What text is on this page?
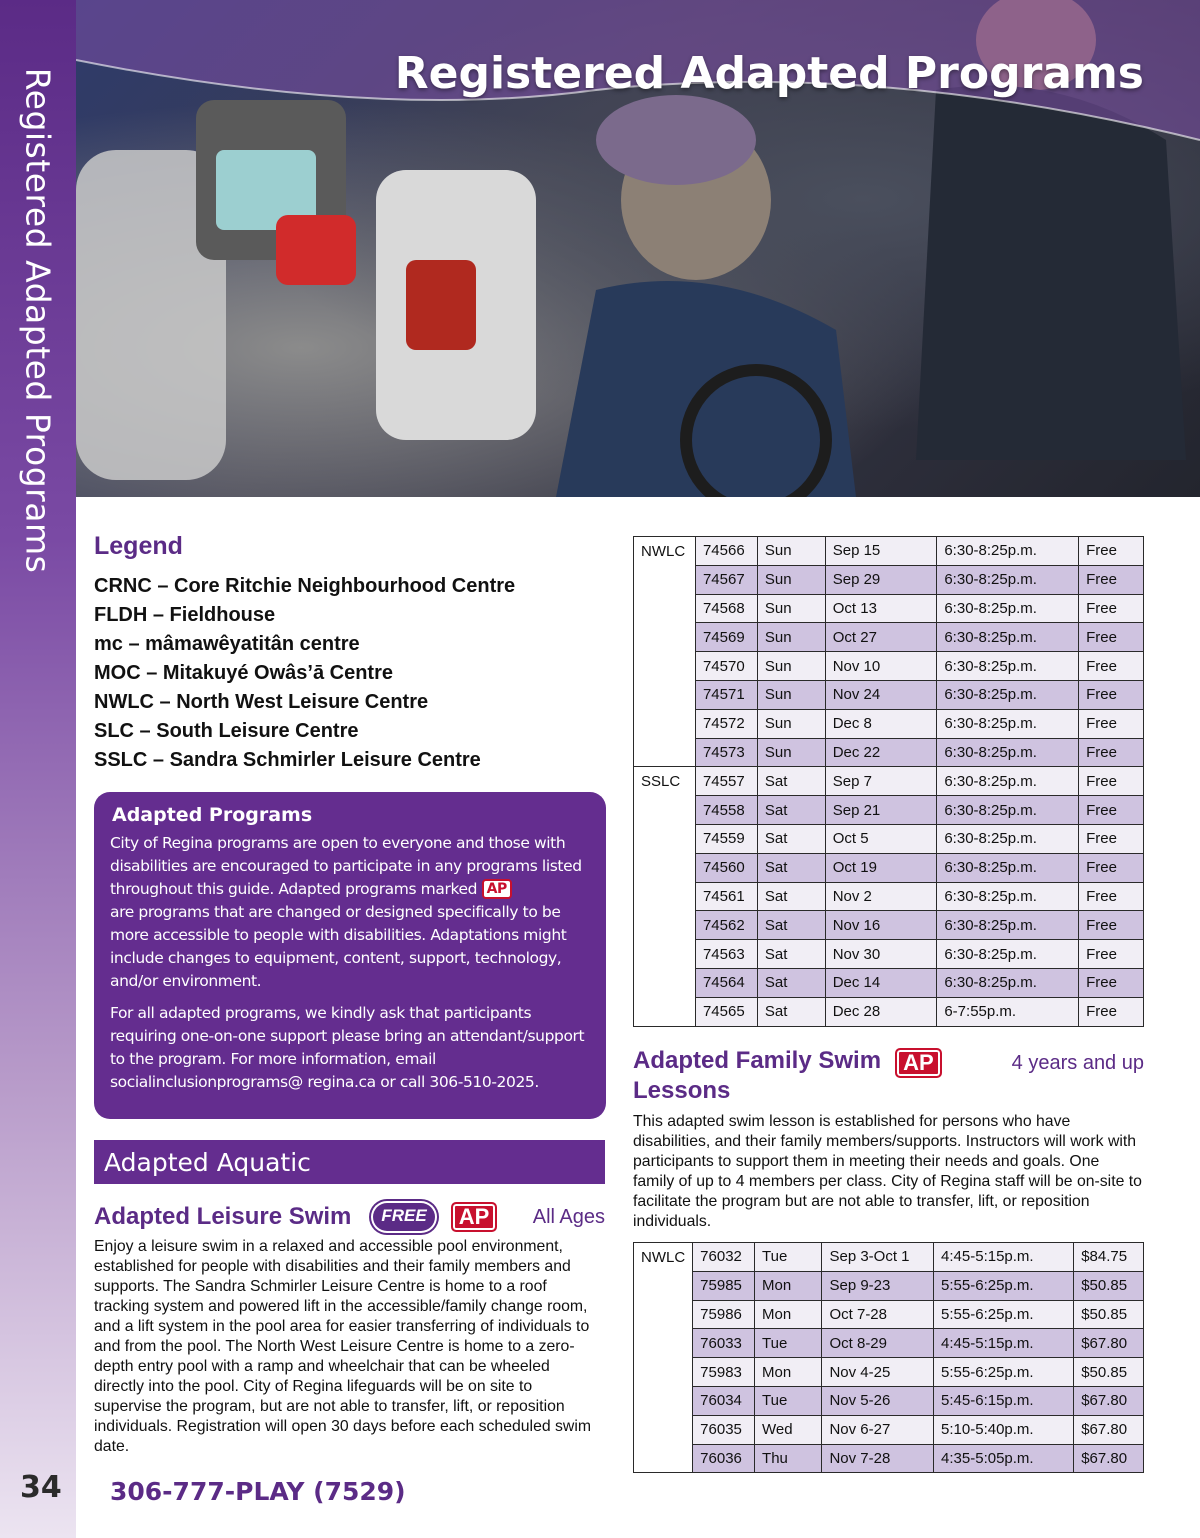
Registered Adapted Programs
34
Registered Adapted Programs
Legend
CRNC – Core Ritchie Neighbourhood Centre
FLDH – Fieldhouse
mc – mâmawêyatitân centre
MOC – Mitakuyé Owâs’ā Centre
NWLC – North West Leisure Centre
SLC – South Leisure Centre
SSLC – Sandra Schmirler Leisure Centre
Adapted Programs

City of Regina programs are open to everyone and those with disabilities are encouraged to participate in any programs listed throughout this guide. Adapted programs marked AP
are programs that are changed or designed specifically to be more accessible to people with disabilities. Adaptations might include changes to equipment, content, support, technology, and/or environment.

For all adapted programs, we kindly ask that participants requiring one-on-one support please bring an attendant/support to the program. For more information, email socialinclusionprograms@ regina.ca or call 306-510-2025.

Adapted Aquatic
Adapted Leisure Swim	FREE	AP	All Ages
Enjoy a leisure swim in a relaxed and accessible pool environment, established for people with disabilities and their family members and supports. The Sandra Schmirler Leisure Centre is home to a roof tracking system and powered lift in the accessible/family change room, and a lift system in the pool area for easier transferring of individuals to and from the pool. The North West Leisure Centre is home to a zero-depth entry pool with a ramp and wheelchair that can be wheeled directly into the pool. City of Regina lifeguards will be on site to supervise the program, but are not able to transfer, lift, or reposition individuals. Registration will open 30 days before each scheduled swim date.
NWLC	74566	Sun	Sep 15	6:30-8:25p.m.	Free
	74567	Sun	Sep 29	6:30-8:25p.m.	Free
	74568	Sun	Oct 13	6:30-8:25p.m.	Free
	74569	Sun	Oct 27	6:30-8:25p.m.	Free
	74570	Sun	Nov 10	6:30-8:25p.m.	Free
	74571	Sun	Nov 24	6:30-8:25p.m.	Free
	74572	Sun	Dec 8	6:30-8:25p.m.	Free
	74573	Sun	Dec 22	6:30-8:25p.m.	Free
SSLC	74557	Sat	Sep 7	6:30-8:25p.m.	Free
	74558	Sat	Sep 21	6:30-8:25p.m.	Free
	74559	Sat	Oct 5	6:30-8:25p.m.	Free
	74560	Sat	Oct 19	6:30-8:25p.m.	Free
	74561	Sat	Nov 2	6:30-8:25p.m.	Free
	74562	Sat	Nov 16	6:30-8:25p.m.	Free
	74563	Sat	Nov 30	6:30-8:25p.m.	Free
	74564	Sat	Dec 14	6:30-8:25p.m.	Free
	74565	Sat	Dec 28	6-7:55p.m.	Free
Adapted Family Swim
Lessons
AP	4 years and up
This adapted swim lesson is established for persons who have disabilities, and their family members/supports. Instructors will work with participants to support them in meeting their needs and goals. One family of up to 4 members per class. City of Regina staff will be on-site to facilitate the program but are not able to transfer, lift, or reposition individuals.
NWLC	76032	Tue	Sep 3-Oct 1	4:45-5:15p.m.	$84.75
	75985	Mon	Sep 9-23	5:55-6:25p.m.	$50.85
	75986	Mon	Oct 7-28	5:55-6:25p.m.	$50.85
	76033	Tue	Oct 8-29	4:45-5:15p.m.	$67.80
	75983	Mon	Nov 4-25	5:55-6:25p.m.	$50.85
	76034	Tue	Nov 5-26	5:45-6:15p.m.	$67.80
	76035	Wed	Nov 6-27	5:10-5:40p.m.	$67.80
	76036	Thu	Nov 7-28	4:35-5:05p.m.	$67.80
306-777-PLAY (7529)
